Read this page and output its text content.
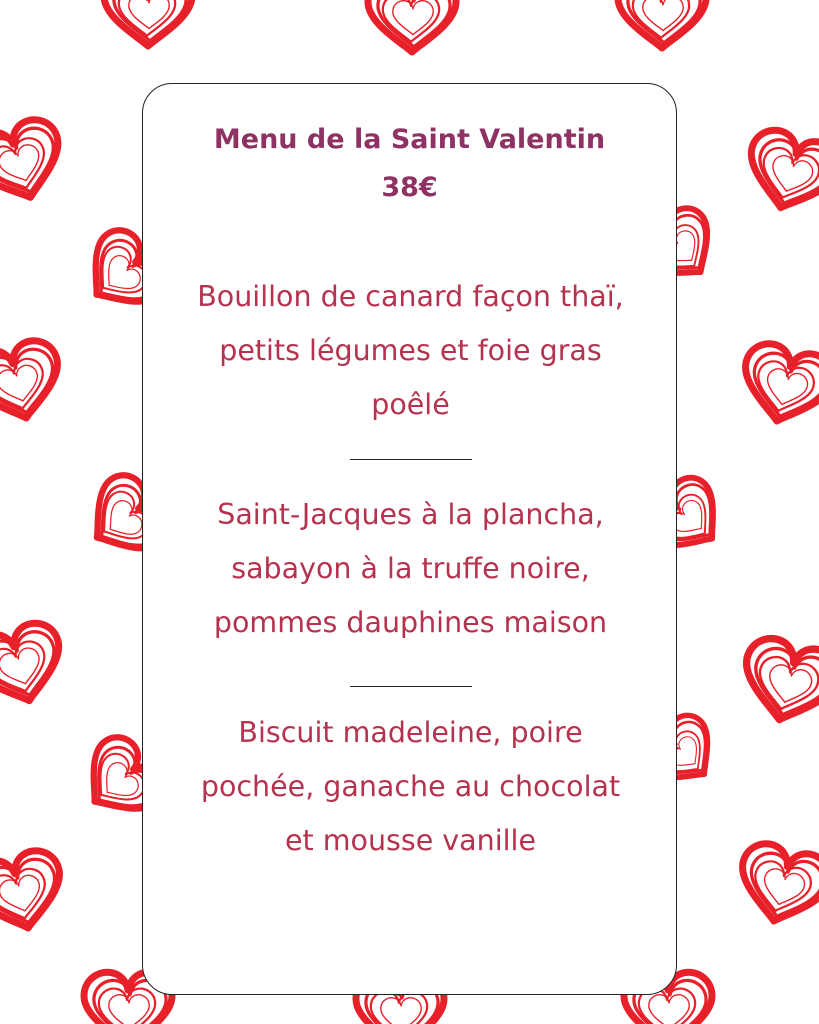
Menu de la Saint Valentin

38€

Bouillon de canard façon thaï,
petits légumes et foie gras
poêlé

Saint-Jacques à la plancha,
sabayon à la truffe noire,
pommes dauphines maison

Biscuit madeleine, poire
pochée, ganache au chocolat
et mousse vanille
